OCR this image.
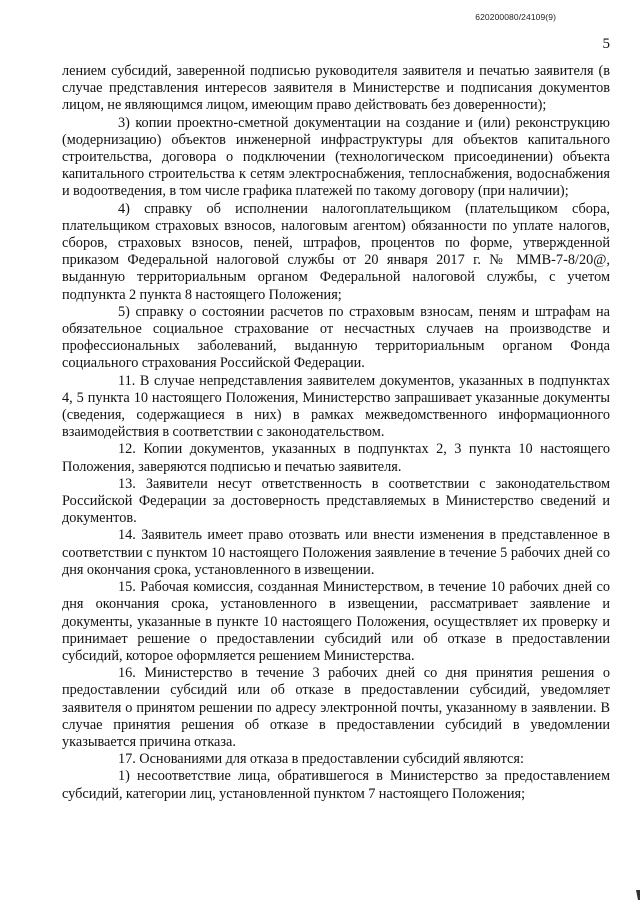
620200080/24109(9)
5

лением субсидий, заверенной подписью руководителя заявителя и печатью заявителя (в случае представления интересов заявителя в Министерстве и подписания документов лицом, не являющимся лицом, имеющим право действовать без доверенности);

3) копии проектно-сметной документации на создание и (или) реконструкцию (модернизацию) объектов инженерной инфраструктуры для объектов капитального строительства, договора о подключении (технологическом присоединении) объекта капитального строительства к сетям электроснабжения, теплоснабжения, водоснабжения и водоотведения, в том числе графика платежей по такому договору (при наличии);

4) справку об исполнении налогоплательщиком (плательщиком сбора, плательщиком страховых взносов, налоговым агентом) обязанности по уплате налогов, сборов, страховых взносов, пеней, штрафов, процентов по форме, утвержденной приказом Федеральной налоговой службы от 20 января 2017 г. № ММВ-7-8/20@, выданную территориальным органом Федеральной налоговой службы, с учетом подпункта 2 пункта 8 настоящего Положения;

5) справку о состоянии расчетов по страховым взносам, пеням и штрафам на обязательное социальное страхование от несчастных случаев на производстве и профессиональных заболеваний, выданную территориальным органом Фонда социального страхования Российской Федерации.

11. В случае непредставления заявителем документов, указанных в подпунктах 4, 5 пункта 10 настоящего Положения, Министерство запрашивает указанные документы (сведения, содержащиеся в них) в рамках межведомственного информационного взаимодействия в соответствии с законодательством.

12. Копии документов, указанных в подпунктах 2, 3 пункта 10 настоящего Положения, заверяются подписью и печатью заявителя.

13. Заявители несут ответственность в соответствии с законодательством Российской Федерации за достоверность представляемых в Министерство сведений и документов.

14. Заявитель имеет право отозвать или внести изменения в представленное в соответствии с пунктом 10 настоящего Положения заявление в течение 5 рабочих дней со дня окончания срока, установленного в извещении.

15. Рабочая комиссия, созданная Министерством, в течение 10 рабочих дней со дня окончания срока, установленного в извещении, рассматривает заявление и документы, указанные в пункте 10 настоящего Положения, осуществляет их проверку и принимает решение о предоставлении субсидий или об отказе в предоставлении субсидий, которое оформляется решением Министерства.

16. Министерство в течение 3 рабочих дней со дня принятия решения о предоставлении субсидий или об отказе в предоставлении субсидий, уведомляет заявителя о принятом решении по адресу электронной почты, указанному в заявлении. В случае принятия решения об отказе в предоставлении субсидий в уведомлении указывается причина отказа.

17. Основаниями для отказа в предоставлении субсидий являются:

1) несоответствие лица, обратившегося в Министерство за предоставлением субсидий, категории лиц, установленной пунктом 7 настоящего Положения;
